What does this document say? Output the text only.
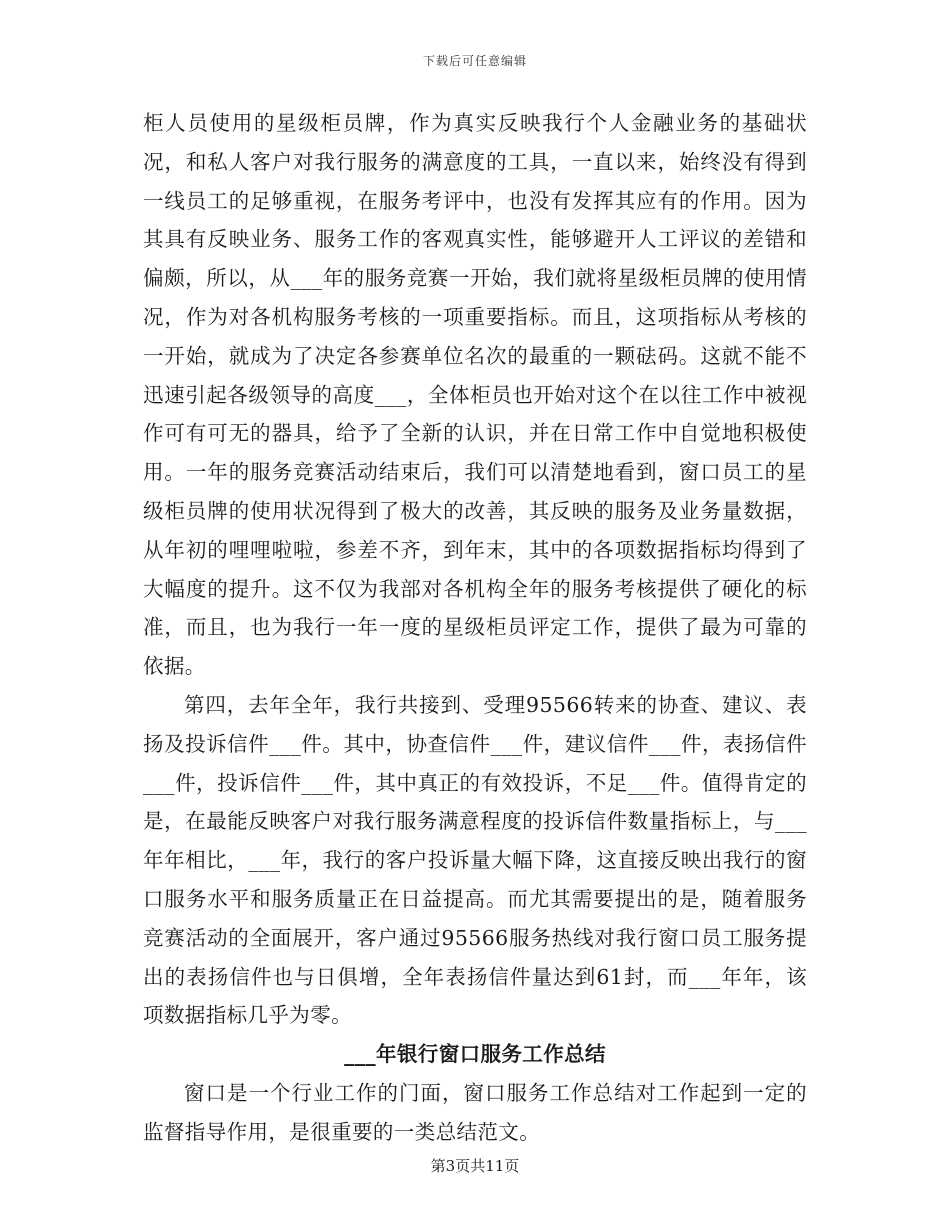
下载后可任意编辑

柜人员使用的星级柜员牌，作为真实反映我行个人金融业务的基础状况，和私人客户对我行服务的满意度的工具，一直以来，始终没有得到一线员工的足够重视，在服务考评中，也没有发挥其应有的作用。因为其具有反映业务、服务工作的客观真实性，能够避开人工评议的差错和偏颇，所以，从___年的服务竞赛一开始，我们就将星级柜员牌的使用情况，作为对各机构服务考核的一项重要指标。而且，这项指标从考核的一开始，就成为了决定各参赛单位名次的最重的一颗砝码。这就不能不迅速引起各级领导的高度___，全体柜员也开始对这个在以往工作中被视作可有可无的器具，给予了全新的认识，并在日常工作中自觉地积极使用。一年的服务竞赛活动结束后，我们可以清楚地看到，窗口员工的星级柜员牌的使用状况得到了极大的改善，其反映的服务及业务量数据，从年初的哩哩啦啦，参差不齐，到年末，其中的各项数据指标均得到了大幅度的提升。这不仅为我部对各机构全年的服务考核提供了硬化的标准，而且，也为我行一年一度的星级柜员评定工作，提供了最为可靠的依据。

第四，去年全年，我行共接到、受理95566转来的协查、建议、表扬及投诉信件___件。其中，协查信件___件，建议信件___件，表扬信件___件，投诉信件___件，其中真正的有效投诉，不足___件。值得肯定的是，在最能反映客户对我行服务满意程度的投诉信件数量指标上，与___年年相比，___年，我行的客户投诉量大幅下降，这直接反映出我行的窗口服务水平和服务质量正在日益提高。而尤其需要提出的是，随着服务竞赛活动的全面展开，客户通过95566服务热线对我行窗口员工服务提出的表扬信件也与日俱增，全年表扬信件量达到61封，而___年年，该项数据指标几乎为零。

___年银行窗口服务工作总结

窗口是一个行业工作的门面，窗口服务工作总结对工作起到一定的监督指导作用，是很重要的一类总结范文。

第3页共11页
